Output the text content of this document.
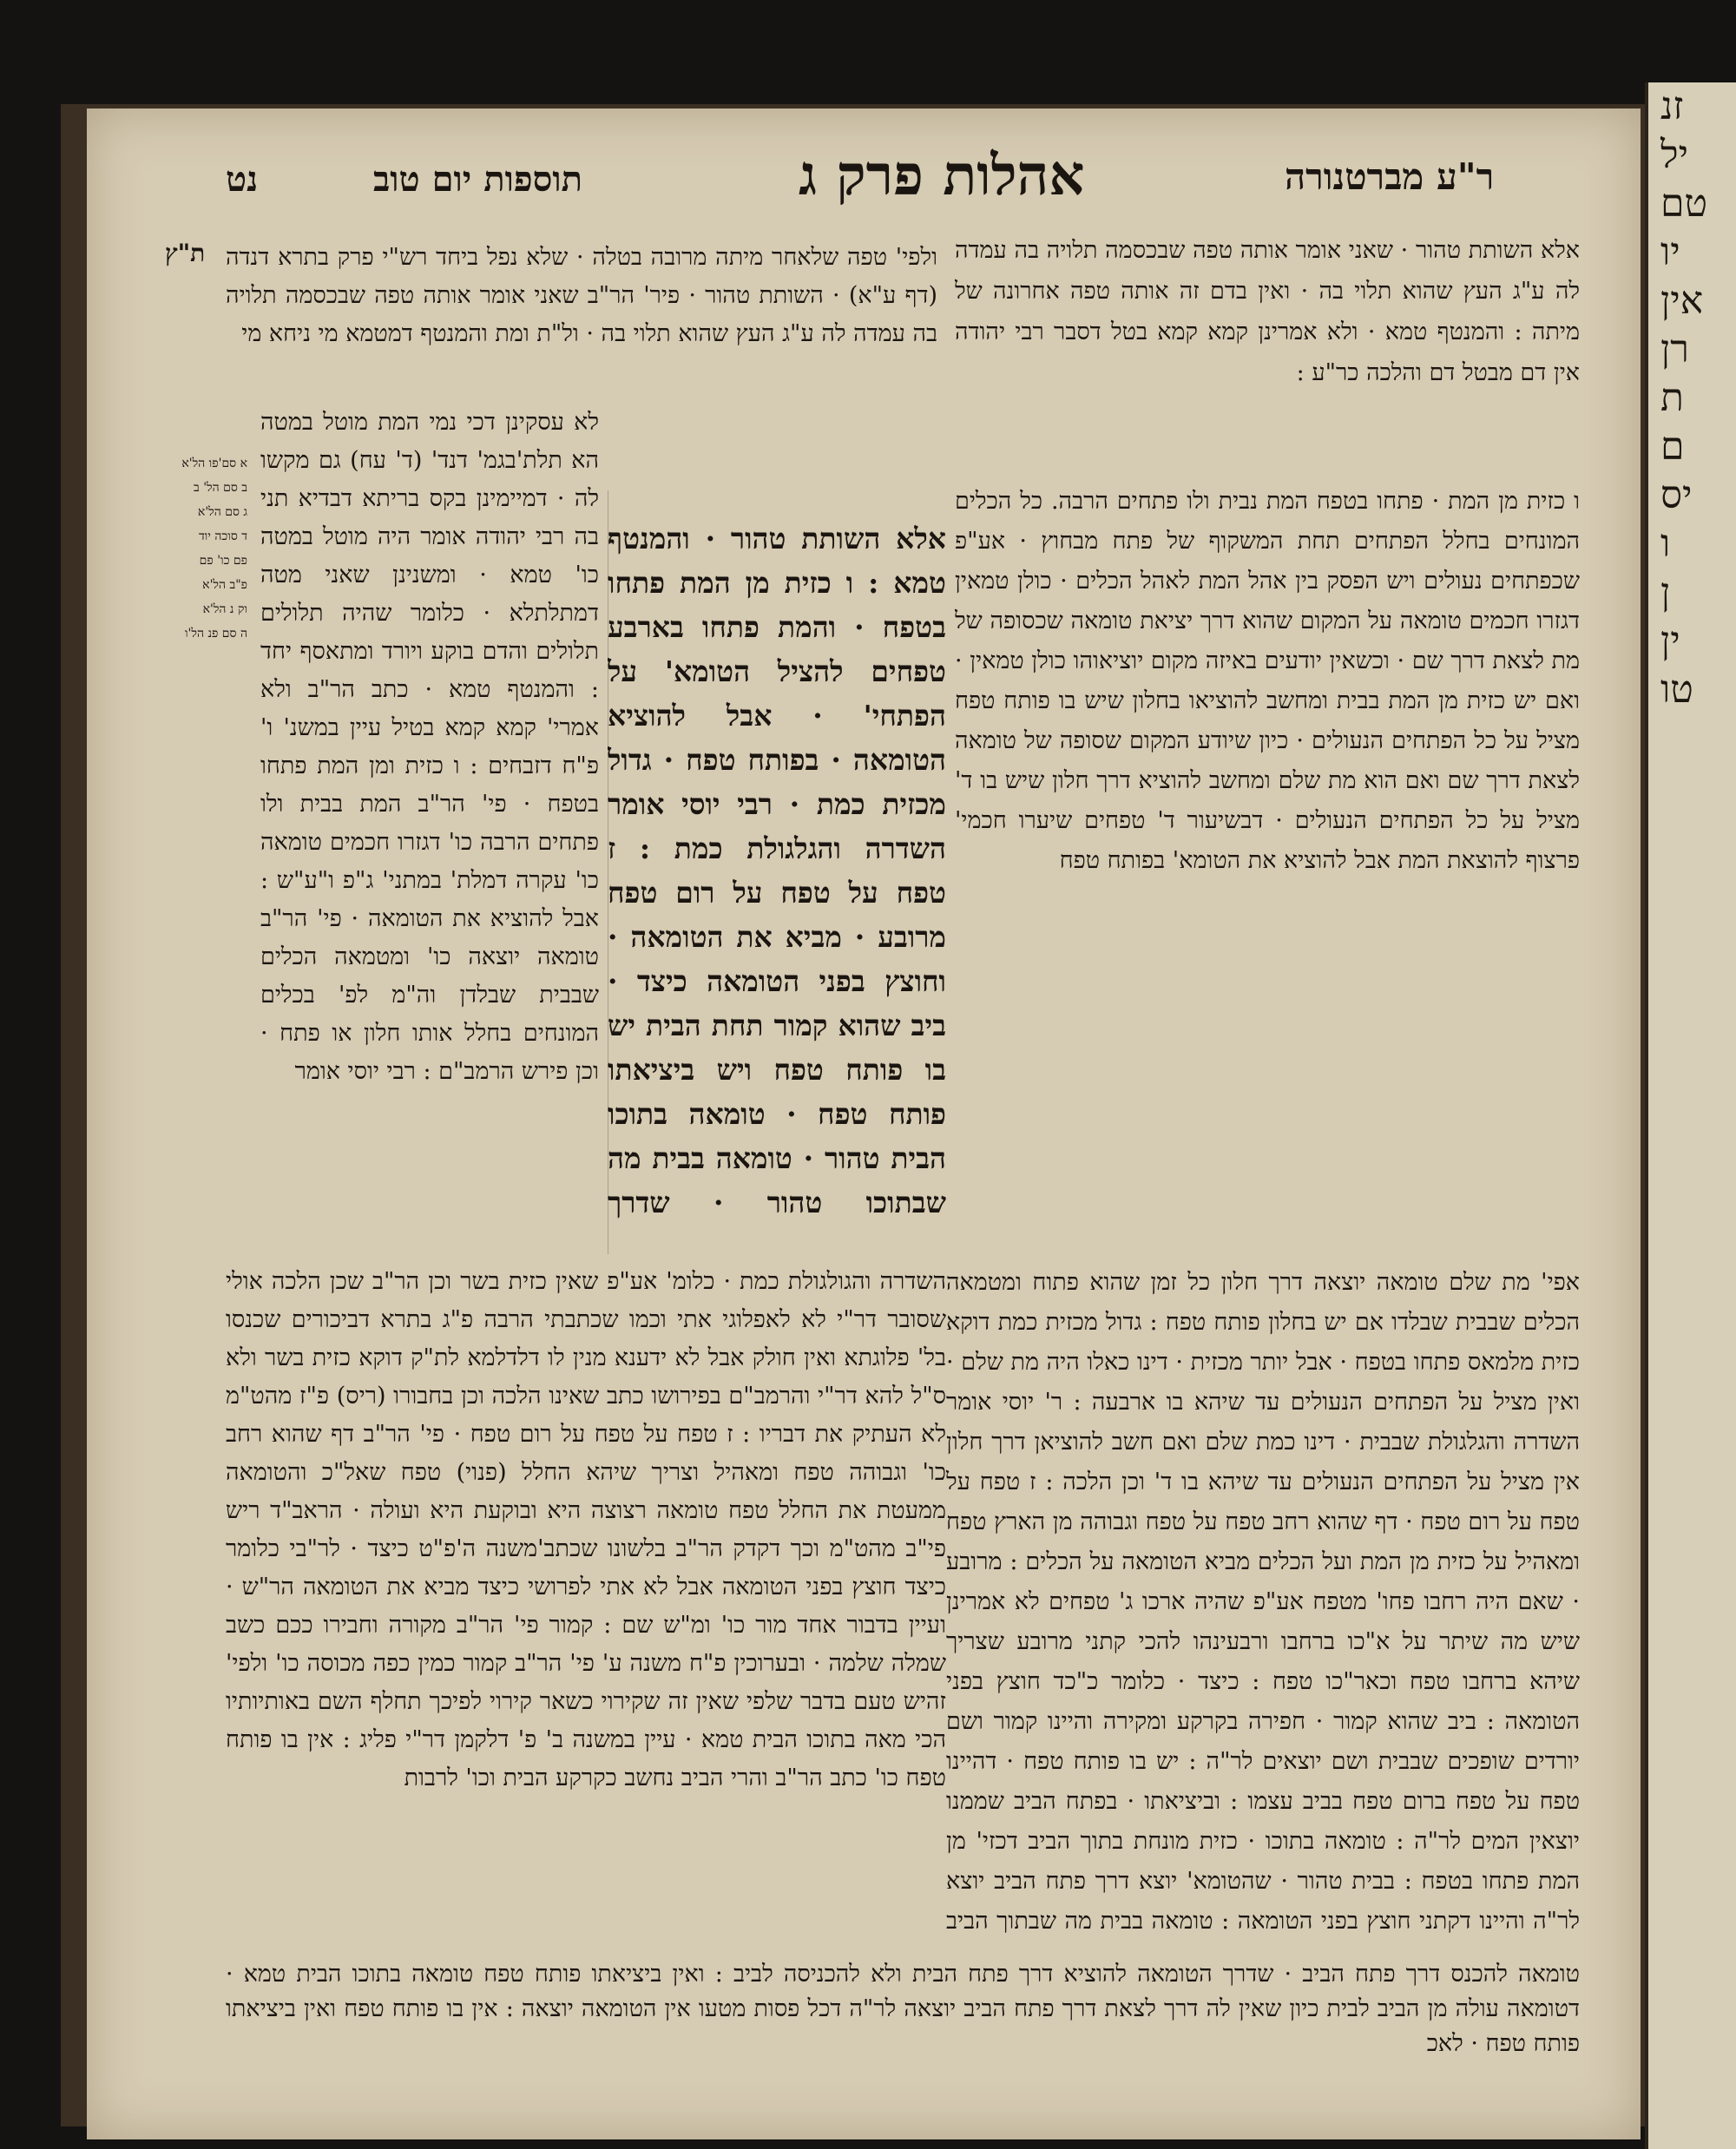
זנ
יל
טם
יו
אין
רן
ת
ם
יס
ו
ן
ין
טו
נט	תוספות יום טוב	אהלות פרק ג	ר"ע מברטנורה
ת"ץ	אלא השותת טהור · שאני אומר אותה טפה שבכסמה תלויה בה עמדה לה ע"ג העץ שהוא תלוי בה · ואין בדם זה אותה טפה אחרונה של מיתה : והמנטף טמא · ולא אמרינן קמא קמא בטל דסבר רבי יהודה אין דם מבטל דם והלכה כר"ע :

ולפי' טפה שלאחר מיתה מרובה בטלה · שלא נפל ביחד רש"י פרק בתרא דנדה (דף ע"א) · השותת טהור · פיר' הר"ב שאני אומר אותה טפה שבכסמה תלויה בה עמדה לה ע"ג העץ שהוא תלוי בה · ול"ת ומת והמנטף דמטמא מי ניחא מי

ו כזית מן המת · פתחו בטפח המת נבית ולו פתחים הרבה. כל הכלים המונחים בחלל הפתחים תחת המשקוף של פתח מבחוץ · אע"פ שכפתחים נעולים ויש הפסק בין אהל המת לאהל הכלים · כולן טמאין דגזרו חכמים טומאה על המקום שהוא דרך יציאת טומאה שכסופה של מת לצאת דרך שם · וכשאין יודעים באיזה מקום יוציאוהו כולן טמאין · ואם יש כזית מן המת בבית ומחשב להוציאו בחלון שיש בו פותח טפח מציל על כל הפתחים הנעולים · כיון שיודע המקום שסופה של טומאה לצאת דרך שם ואם הוא מת שלם ומחשב להוציא דרך חלון שיש בו ד' מציל על כל הפתחים הנעולים · דבשיעור ד' טפחים שיערו חכמי' פרצוף להוצאת המת אבל להוציא את הטומא' בפותח טפח

אלא השותת טהור · והמנטף טמא : ו כזית מן המת פתחו בטפח · והמת פתחו בארבע טפחים להציל הטומא' על הפתחי' · אבל להוציא הטומאה · בפותח טפח · גדול מכזית כמת · רבי יוסי אומר השדרה והגלגולת כמת : ז טפח על טפח על רום טפח מרובע · מביא את הטומאה · וחוצץ בפני הטומאה כיצד · ביב שהוא קמור תחת הבית יש בו פותח טפח ויש ביציאתו פותח טפח · טומאה בתוכו הבית טהור · טומאה בבית מה שבתוכו טהור · שדרך

לא עסקינן דכי נמי המת מוטל במטה הא תלת'בגמ' דנד' (ד' עח) גם מקשו לה · דמיימינן בקס בריתא דבדיא תני בה רבי יהודה אומר היה מוטל במטה כו' טמא · ומשנינן שאני מטה דמתלתלא · כלומר שהיה תלולים תלולים והדם בוקע ויורד ומתאסף יחד : והמנטף טמא · כתב הר"ב ולא אמרי' קמא קמא בטיל עיין במשנ' ו' פ"ח דזבחים : ו כזית ומן המת פתחו בטפח · פי' הר"ב המת בבית ולו פתחים הרבה כו' דגזרו חכמים טומאה כו' עקרה דמלת' במתני' ג"פ ו"ע"ש : אבל להוציא את הטומאה · פי' הר"ב טומאה יוצאה כו' ומטמאה הכלים שבבית שבלדן וה"מ לפ' בכלים המונחים בחלל אותו חלון או פתח · וכן פירש הרמב"ם : רבי יוסי אומר

א סם'פו הל'א
ב סם הל' ב
ג סם הל'א
ד סוכה יוד
פם כו' פם
פ"ב הל'א
וק נ הל'א
ה סם פנ הל'ו

אפי' מת שלם טומאה יוצאה דרך חלון כל זמן שהוא פתוח ומטמאה הכלים שבבית שבלדו אם יש בחלון פותח טפח : גדול מכזית כמת דוקא כזית מלמאס פתחו בטפח · אבל יותר מכזית · דינו כאלו היה מת שלם · ואין מציל על הפתחים הנעולים עד שיהא בו ארבעה : ר' יוסי אומר השדרה והגלגולת שבבית · דינו כמת שלם ואם חשב להוציאן דרך חלון אין מציל על הפתחים הנעולים עד שיהא בו ד' וכן הלכה : ז טפח על טפח על רום טפח · דף שהוא רחב טפח על טפח וגבוהה מן הארץ טפח ומאהיל על כזית מן המת ועל הכלים מביא הטומאה על הכלים : מרובע · שאם היה רחבו פחו' מטפח אע"פ שהיה ארכו ג' טפחים לא אמרינן שיש מה שיתר על א"כו ברחבו ורבעינהו להכי קתני מרובע שצריך שיהא ברחבו טפח וכאר"כו טפח : כיצד · כלומר כ"כד חוצץ בפני הטומאה : ביב שהוא קמור · חפירה בקרקע ומקירה והיינו קמור ושם יורדים שופכים שבבית ושם יוצאים לר"ה : יש בו פותח טפח · דהיינו טפח על טפח ברום טפח בביב עצמו : וביציאתו · בפתח הביב שממנו יוצאין המים לר"ה : טומאה בתוכו · כזית מונחת בתוך הביב דכזי' מן המת פתחו בטפח : בבית טהור · שהטומא' יוצא דרך פתח הביב יוצא לר"ה והיינו דקתני חוצץ בפני הטומאה : טומאה בבית מה שבתוך הביב

השדרה והגולגולת כמת · כלומ' אע"פ שאין כזית בשר וכן הר"ב שכן הלכה אולי שסובר דר"י לא לאפלוגי אתי וכמו שכתבתי הרבה פ"ג בתרא דביכורים שכנסו בל' פלוגתא ואין חולק אבל לא ידענא מנין לו דלדלמא לת"ק דוקא כזית בשר ולא ס"ל להא דר"י והרמב"ם בפירושו כתב שאינו הלכה וכן בחבורו (ריס) פ"ז מהט"מ לא העתיק את דבריו : ז טפח על טפח על רום טפח · פי' הר"ב דף שהוא רחב כו' וגבוהה טפח ומאהיל וצריך שיהא החלל (פנוי) טפח שאל"כ והטומאה ממעטת את החלל טפח טומאה רצוצה היא ובוקעת היא ועולה · הראב"ד ריש פי"ב מהט"מ וכך דקדק הר"ב בלשונו שכתב'משנה ה'פ"ט כיצד · לר"בי כלומר כיצד חוצץ בפני הטומאה אבל לא אתי לפרושי כיצד מביא את הטומאה הר"ש · ועיין בדבור אחד מור כו' ומ"ש שם : קמור פי' הר"ב מקורה וחבירו ככם כשב שמלה שלמה · ובערוכין פ"ח משנה ע' פי' הר"ב קמור כמין כפה מכוסה כו' ולפי' זהיש טעם בדבר שלפי שאין זה שקירוי כשאר קירוי לפיכך תחלף השם באותיותיו הכי מאה בתוכו הבית טמא · עיין במשנה ב' פ' דלקמן דר"י פליג : אין בו פותח טפח כו' כתב הר"ב והרי הביב נחשב כקרקע הבית וכו' לרבות

טומאה להכנס דרך פתח הביב · שדרך הטומאה להוציא דרך פתח הבית ולא להכניסה לביב : ואין ביציאתו פותח טפח טומאה בתוכו הבית טמא · דטומאה עולה מן הביב לבית כיון שאין לה דרך לצאת דרך פתח הביב יוצאה לר"ה דכל פסות מטעו אין הטומאה יוצאה : אין בו פותח טפח ואין ביציאתו פותח טפח · לאכ
